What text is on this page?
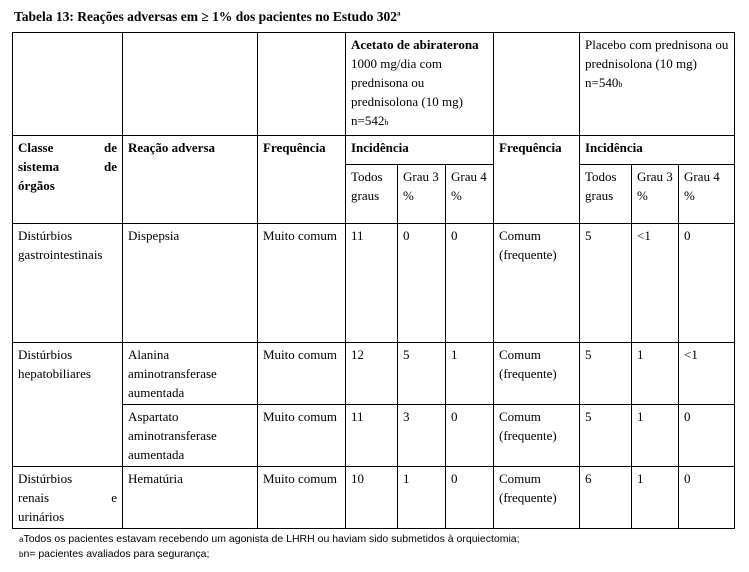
Tabela 13: Reações adversas em ≥ 1% dos pacientes no Estudo 302$^a$
			Acetato de abiraterona 1000 mg/dia com prednisona ou prednisolona (10 mg) n=542b				Placebo com prednisona ou prednisolona (10 mg) n=540b		

Classe de
sistema de
órgãos	Reação adversa	Frequência	Incidência			Frequência	Incidência		
			Todos graus	Grau 3 %	Grau 4 %		Todos graus	Grau 3 %	Grau 4 %
Distúrbios gastrointestinais	Dispepsia	Muito comum	11	0	0	Comum (frequente)	5	<1	0
Distúrbios hepatobiliares	Alanina aminotransferase aumentada	Muito comum	12	5	1	Comum (frequente)	5	1	<1
	Aspartato aminotransferase aumentada	Muito comum	11	3	0	Comum (frequente)	5	1	0

Distúrbios
renais e
urinários	Hematúria	Muito comum	10	1	0	Comum (frequente)	6	1	0
aTodos os pacientes estavam recebendo um agonista de LHRH ou haviam sido submetidos à orquiectomia;
bn= pacientes avaliados para segurança;
